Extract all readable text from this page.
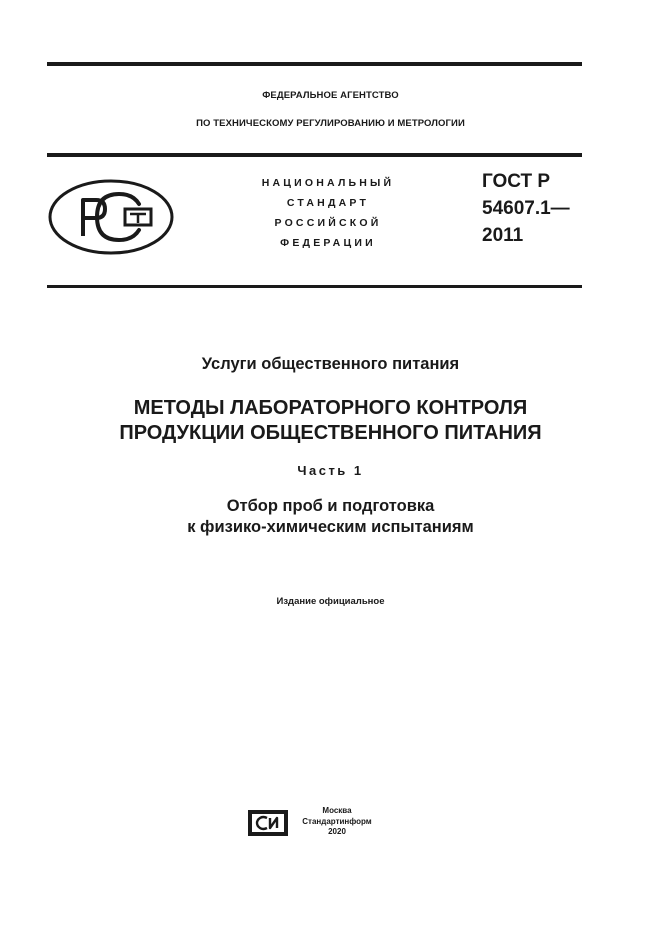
ФЕДЕРАЛЬНОЕ АГЕНТСТВО
ПО ТЕХНИЧЕСКОМУ РЕГУЛИРОВАНИЮ И МЕТРОЛОГИИ
НАЦИОНАЛЬНЫЙ
СТАНДАРТ
РОССИЙСКОЙ
ФЕДЕРАЦИИ
ГОСТ Р
54607.1—
2011
Услуги общественного питания
МЕТОДЫ ЛАБОРАТОРНОГО КОНТРОЛЯ
ПРОДУКЦИИ ОБЩЕСТВЕННОГО ПИТАНИЯ
Часть 1
Отбор проб и подготовка
к физико-химическим испытаниям
Издание официальное
Москва
Стандартинформ
2020
